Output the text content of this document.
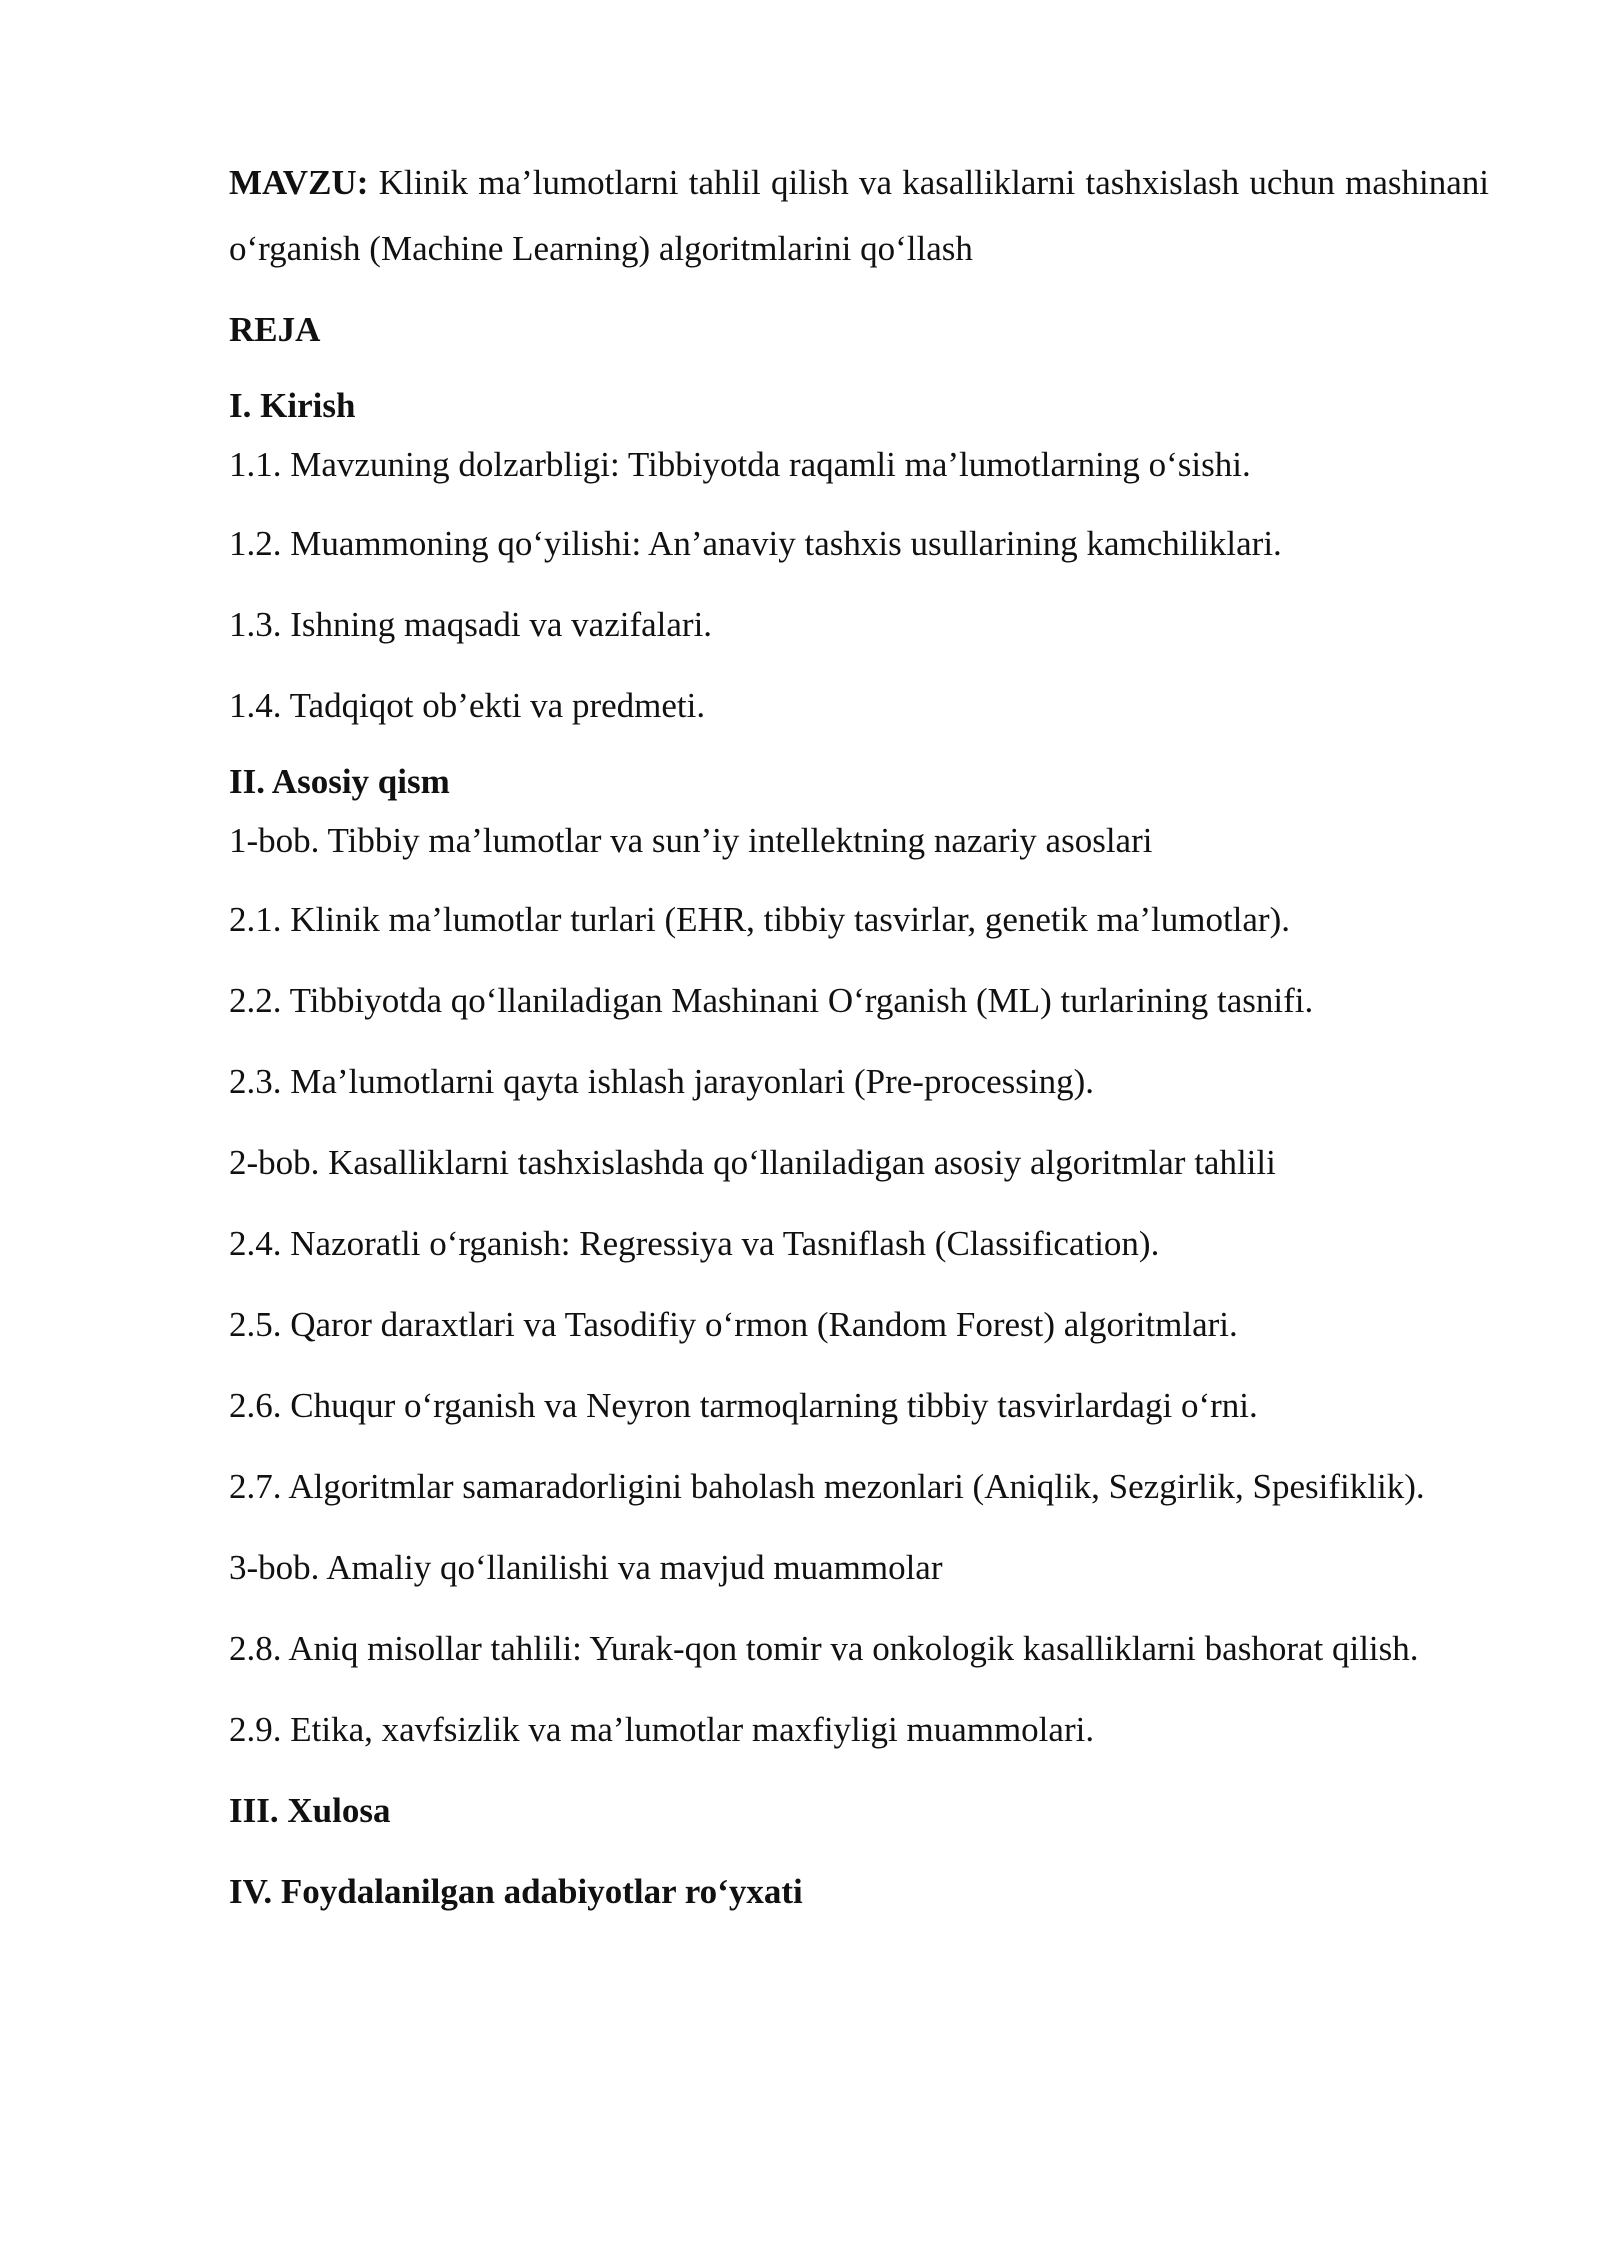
MAVZU: Klinik ma’lumotlarni tahlil qilish va kasalliklarni tashxislash uchun mashinani o‘rganish (Machine Learning) algoritmlarini qo‘llash

REJA

I. Kirish

1.1. Mavzuning dolzarbligi: Tibbiyotda raqamli ma’lumotlarning o‘sishi.

1.2. Muammoning qo‘yilishi: An’anaviy tashxis usullarining kamchiliklari.

1.3. Ishning maqsadi va vazifalari.

1.4. Tadqiqot ob’ekti va predmeti.

II. Asosiy qism

1-bob. Tibbiy ma’lumotlar va sun’iy intellektning nazariy asoslari

2.1. Klinik ma’lumotlar turlari (EHR, tibbiy tasvirlar, genetik ma’lumotlar).

2.2. Tibbiyotda qo‘llaniladigan Mashinani O‘rganish (ML) turlarining tasnifi.

2.3. Ma’lumotlarni qayta ishlash jarayonlari (Pre-processing).

2-bob. Kasalliklarni tashxislashda qo‘llaniladigan asosiy algoritmlar tahlili

2.4. Nazoratli o‘rganish: Regressiya va Tasniflash (Classification).

2.5. Qaror daraxtlari va Tasodifiy o‘rmon (Random Forest) algoritmlari.

2.6. Chuqur o‘rganish va Neyron tarmoqlarning tibbiy tasvirlardagi o‘rni.

2.7. Algoritmlar samaradorligini baholash mezonlari (Aniqlik, Sezgirlik, Spesifiklik).

3-bob. Amaliy qo‘llanilishi va mavjud muammolar

2.8. Aniq misollar tahlili: Yurak-qon tomir va onkologik kasalliklarni bashorat qilish.

2.9. Etika, xavfsizlik va ma’lumotlar maxfiyligi muammolari.

III. Xulosa

IV. Foydalanilgan adabiyotlar ro‘yxati
